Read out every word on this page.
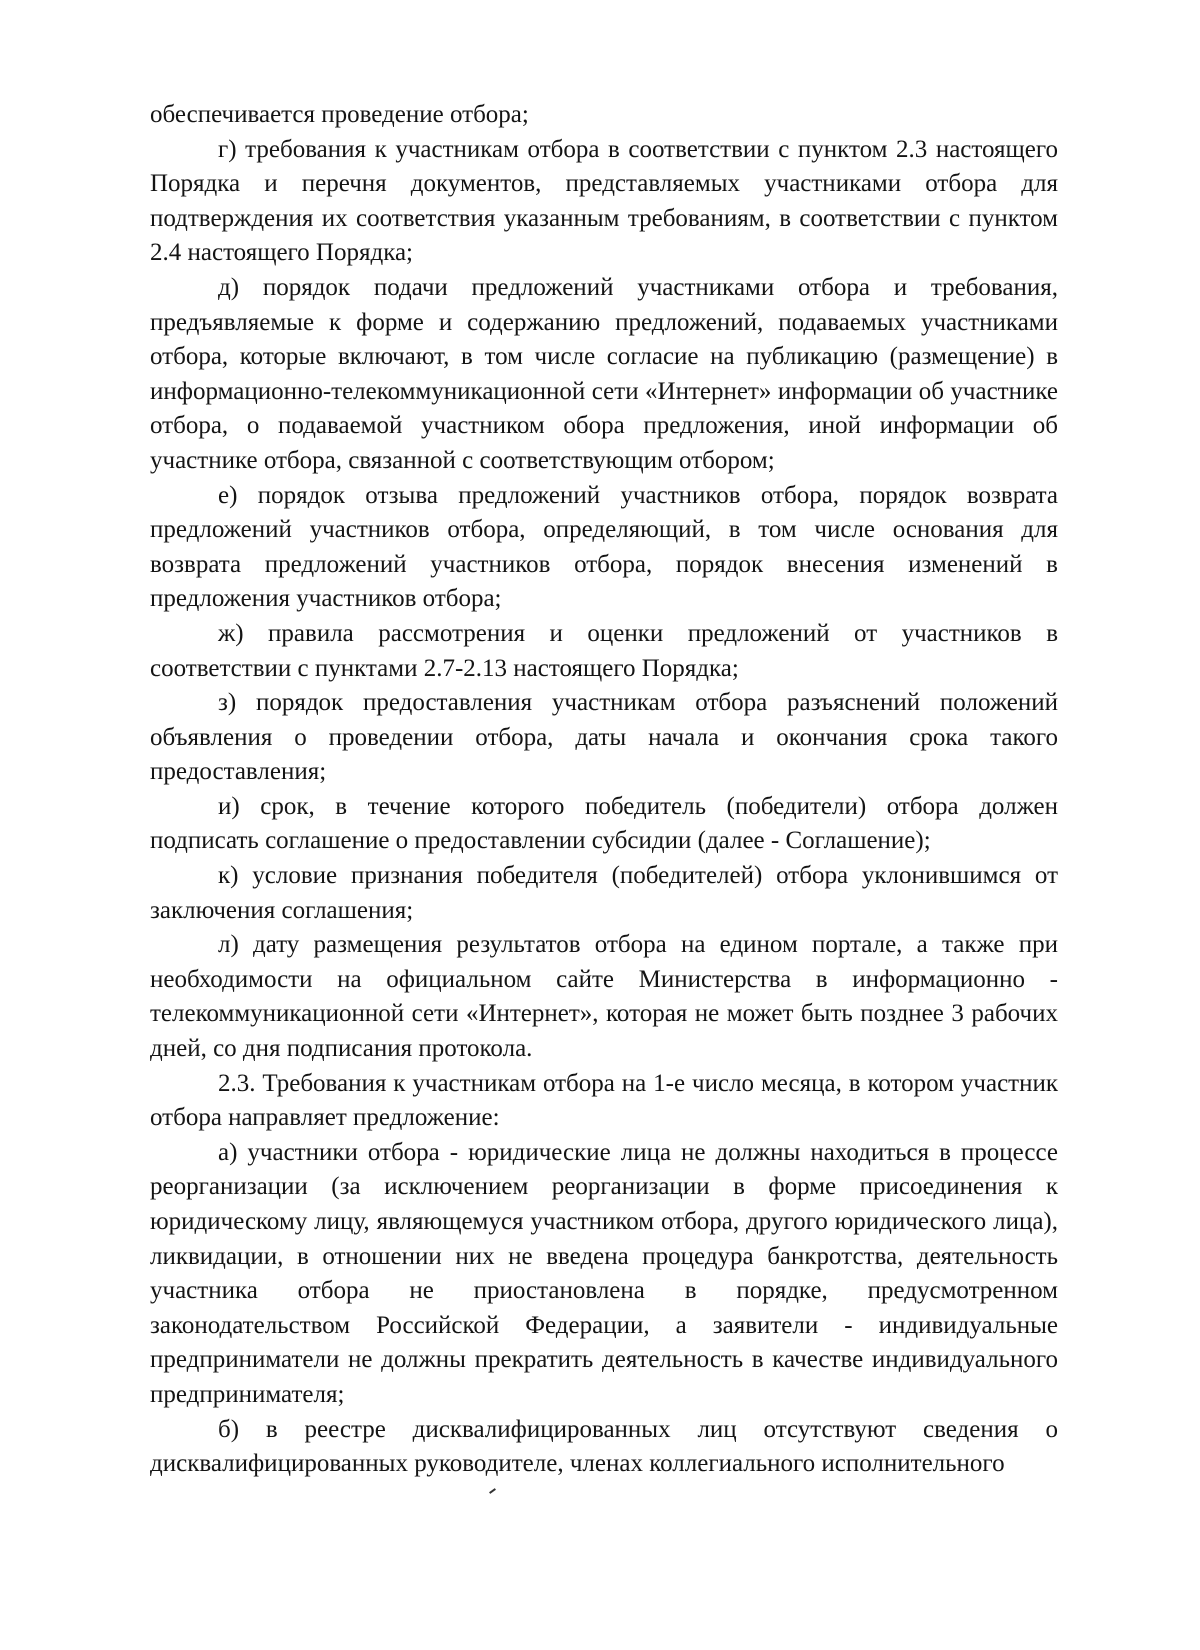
обеспечивается проведение отбора;

г) требования к участникам отбора в соответствии с пунктом 2.3 настоящего Порядка и перечня документов, представляемых участниками отбора для подтверждения их соответствия указанным требованиям, в соответствии с пунктом 2.4 настоящего Порядка;

д) порядок подачи предложений участниками отбора и требования, предъявляемые к форме и содержанию предложений, подаваемых участниками отбора, которые включают, в том числе согласие на публикацию (размещение) в информационно-телекоммуникационной сети «Интернет» информации об участнике отбора, о подаваемой участником обора предложения, иной информации об участнике отбора, связанной с соответствующим отбором;

е) порядок отзыва предложений участников отбора, порядок возврата предложений участников отбора, определяющий, в том числе основания для возврата предложений участников отбора, порядок внесения изменений в предложения участников отбора;

ж) правила рассмотрения и оценки предложений от участников в соответствии с пунктами 2.7-2.13 настоящего Порядка;

з) порядок предоставления участникам отбора разъяснений положений объявления о проведении отбора, даты начала и окончания срока такого предоставления;

и) срок, в течение которого победитель (победители) отбора должен подписать соглашение о предоставлении субсидии (далее - Соглашение);

к) условие признания победителя (победителей) отбора уклонившимся от заключения соглашения;

л) дату размещения результатов отбора на едином портале, а также при необходимости на официальном сайте Министерства в информационно - телекоммуникационной сети «Интернет», которая не может быть позднее 3 рабочих дней, со дня подписания протокола.

2.3. Требования к участникам отбора на 1-е число месяца, в котором участник отбора направляет предложение:

а) участники отбора - юридические лица не должны находиться в процессе реорганизации (за исключением реорганизации в форме присоединения к юридическому лицу, являющемуся участником отбора, другого юридического лица), ликвидации, в отношении них не введена процедура банкротства, деятельность участника отбора не приостановлена в порядке, предусмотренном законодательством Российской Федерации, а заявители - индивидуальные предприниматели не должны прекратить деятельность в качестве индивидуального предпринимателя;

б) в реестре дисквалифицированных лиц отсутствуют сведения о дисквалифицированных руководителе, членах коллегиального исполнительного
